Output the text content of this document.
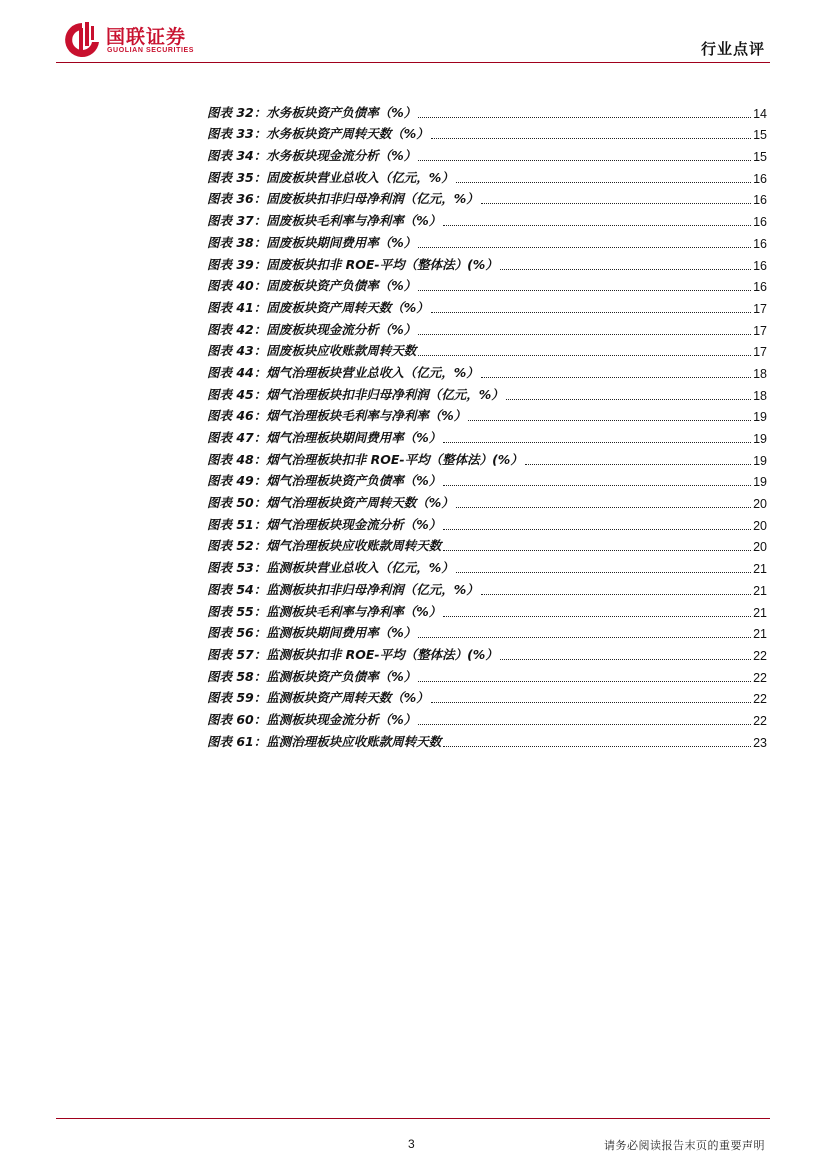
国联证券
GUOLIAN SECURITIES	行业点评
图表 32：水务板块资产负债率（%）	14
图表 33：水务板块资产周转天数（%）	15
图表 34：水务板块现金流分析（%）	15
图表 35：固废板块营业总收入（亿元，%）	16
图表 36：固废板块扣非归母净利润（亿元，%）	16
图表 37：固废板块毛利率与净利率（%）	16
图表 38：固废板块期间费用率（%）	16
图表 39：固废板块扣非 ROE-平均（整体法）(%）	16
图表 40：固废板块资产负债率（%）	16
图表 41：固废板块资产周转天数（%）	17
图表 42：固废板块现金流分析（%）	17
图表 43：固废板块应收账款周转天数	17
图表 44：烟气治理板块营业总收入（亿元，%）	18
图表 45：烟气治理板块扣非归母净利润（亿元，%）	18
图表 46：烟气治理板块毛利率与净利率（%）	19
图表 47：烟气治理板块期间费用率（%）	19
图表 48：烟气治理板块扣非 ROE-平均（整体法）(%）	19
图表 49：烟气治理板块资产负债率（%）	19
图表 50：烟气治理板块资产周转天数（%）	20
图表 51：烟气治理板块现金流分析（%）	20
图表 52：烟气治理板块应收账款周转天数	20
图表 53：监测板块营业总收入（亿元，%）	21
图表 54：监测板块扣非归母净利润（亿元，%）	21
图表 55：监测板块毛利率与净利率（%）	21
图表 56：监测板块期间费用率（%）	21
图表 57：监测板块扣非 ROE-平均（整体法）(%）	22
图表 58：监测板块资产负债率（%）	22
图表 59：监测板块资产周转天数（%）	22
图表 60：监测板块现金流分析（%）	22
图表 61：监测治理板块应收账款周转天数	23
3	请务必阅读报告末页的重要声明
